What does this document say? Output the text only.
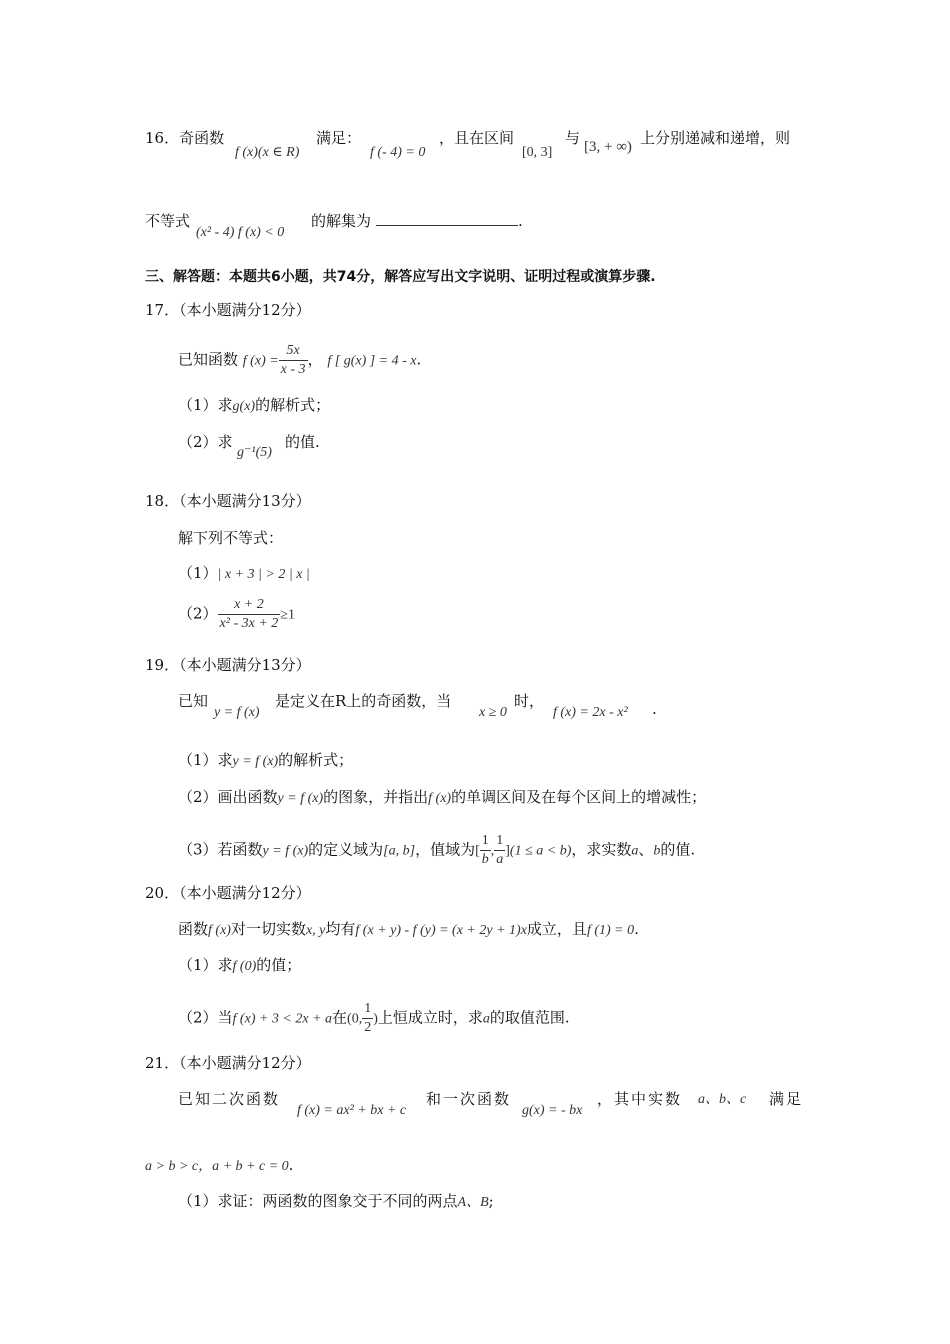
16．奇函数
f (x)(x ∈ R)
满足：
f (- 4) = 0
，且在区间
[0, 3]
与 [3, + ∞) 上分别递减和递增，则
不等式
(x² - 4) f (x) < 0
的解集为	.
三、解答题：本题共6小题，共74分，解答应写出文字说明、证明过程或演算步骤.
17．（本小题满分12分）
已知函数 f $(x) = \frac{5x}{x - 3}$ ， f [ g(x) ] = 4 - x.
（1）求g(x)的解析式；
（2）求
g⁻¹(5)
的值.
18．（本小题满分13分）
解下列不等式：
（1）| x + 3 | > 2 | x |
$(2) \frac{x + 2}{\text{x² - 3x + 2}} \ge 1$
19．（本小题满分13分）
已知
y = f (x)
是定义在R上的奇函数，当
x ≥ 0
时，
f (x) = 2x - x² .
（1）求y = f (x)的解析式；
（2）画出函数y = f (x)的图象，并指出f (x)的单调区间及在每个区间上的增减性；
（3）若函数y = f (x)的定义域为[a, b]，值域为[ $\frac{1}{b}$ , $\frac{1}{a} ](1 \le a < b)$，求实数a、b的值.
20．（本小题满分12分）
函数f (x)对一切实数x, y均有f (x + y) - f (y) = (x + 2y + 1)x成立，且f (1) = 0.
（1）求f (0)的值；
（2）当f (x) + 3 < 2x + a在(0, $\frac{1}{2}$ )上恒成立时，求a的取值范围.
21．（本小题满分12分）
已知二次函数
f (x) = ax² + bx + c
和一次函数
g(x) = - bx
，其中实数 a、b、c 满足
a > b > c，a + b + c = 0.
（1）求证：两函数的图象交于不同的两点A、B;
